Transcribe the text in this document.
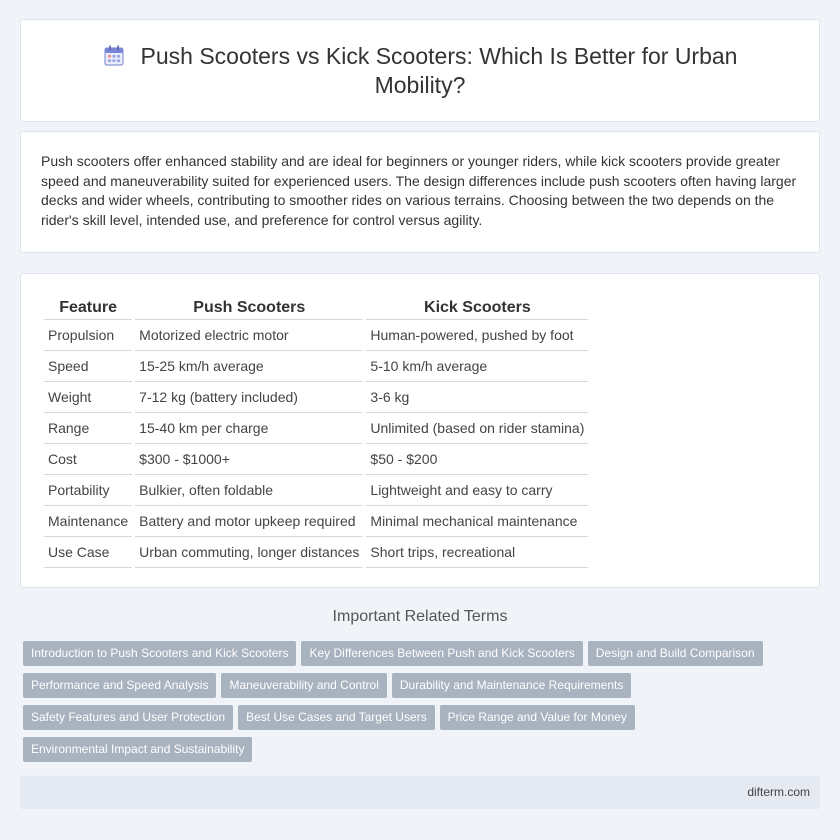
Push Scooters vs Kick Scooters: Which Is Better for Urban Mobility?

Push scooters offer enhanced stability and are ideal for beginners or younger riders, while kick scooters provide greater speed and maneuverability suited for experienced users. The design differences include push scooters often having larger decks and wider wheels, contributing to smoother rides on various terrains. Choosing between the two depends on the rider's skill level, intended use, and preference for control versus agility.

Feature	Push Scooters	Kick Scooters
Propulsion	Motorized electric motor	Human-powered, pushed by foot
Speed	15-25 km/h average	5-10 km/h average
Weight	7-12 kg (battery included)	3-6 kg
Range	15-40 km per charge	Unlimited (based on rider stamina)
Cost	$300 - $1000+	$50 - $200
Portability	Bulkier, often foldable	Lightweight and easy to carry
Maintenance	Battery and motor upkeep required	Minimal mechanical maintenance
Use Case	Urban commuting, longer distances	Short trips, recreational
Important Related Terms
Introduction to Push Scooters and Kick Scooters	Key Differences Between Push and Kick Scooters	Design and Build Comparison
Performance and Speed Analysis	Maneuverability and Control	Durability and Maintenance Requirements
Safety Features and User Protection	Best Use Cases and Target Users	Price Range and Value for Money
Environmental Impact and Sustainability
difterm.com
